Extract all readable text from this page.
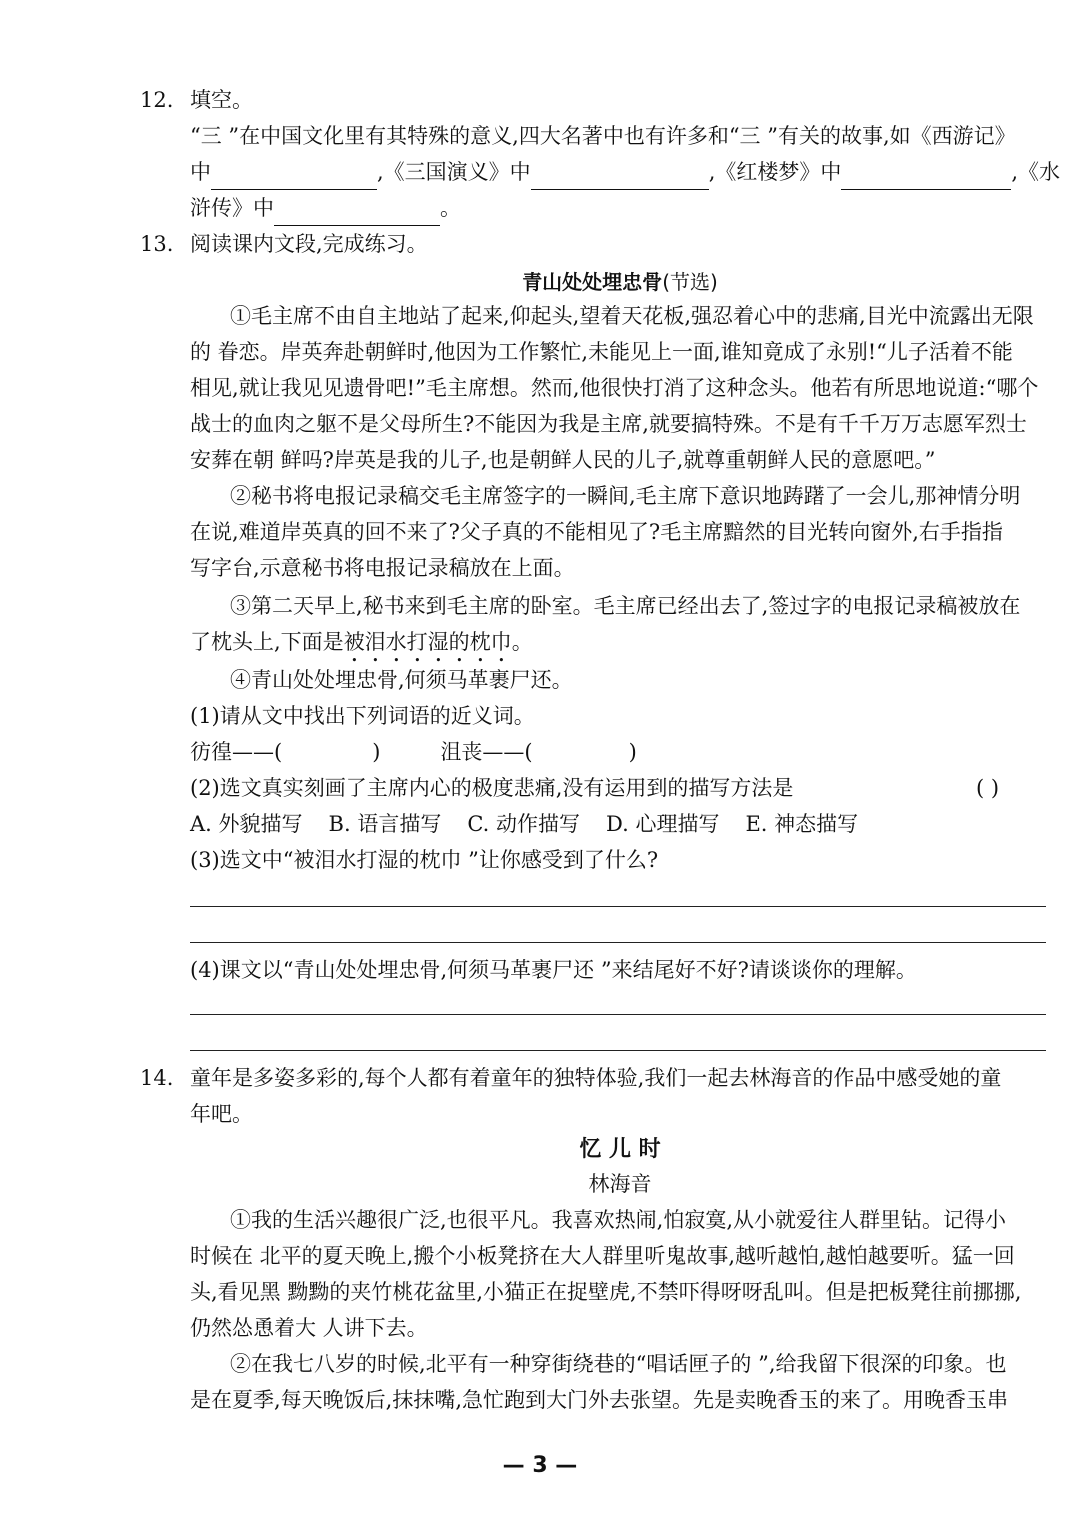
12. 填空。
“三 ”在中国文化里有其特殊的意义,四大名著中也有许多和“三 ”有关的故事,如《西游记》
中	,《三国演义》中	,《红楼梦》中	,《水
浒传》中	。
13. 阅读课内文段,完成练习。
青山处处埋忠骨(节选)
①毛主席不由自主地站了起来,仰起头,望着天花板,强忍着心中的悲痛,目光中流露出无限
的 眷恋。岸英奔赴朝鲜时,他因为工作繁忙,未能见上一面,谁知竟成了永别!“儿子活着不能
相见,就让我见见遗骨吧!”毛主席想。然而,他很快打消了这种念头。他若有所思地说道:“哪个
战士的血肉之躯不是父母所生?不能因为我是主席,就要搞特殊。不是有千千万万志愿军烈士
安葬在朝 鲜吗?岸英是我的儿子,也是朝鲜人民的儿子,就尊重朝鲜人民的意愿吧。”
②秘书将电报记录稿交毛主席签字的一瞬间,毛主席下意识地踌躇了一会儿,那神情分明
在说,难道岸英真的回不来了?父子真的不能相见了?毛主席黯然的目光转向窗外,右手指指
写字台,示意秘书将电报记录稿放在上面。
③第二天早上,秘书来到毛主席的卧室。毛主席已经出去了,签过字的电报记录稿被放在
了枕头上,下面是被泪水打湿的枕巾。
④青山处处埋忠骨,何须马革裹尸还。
(1)请从文中找出下列词语的近义词。
彷徨——(	)	沮丧——(	)
(2)选文真实刻画了主席内心的极度悲痛,没有运用到的描写方法是	( )
A. 外貌描写 B. 语言描写 C. 动作描写 D. 心理描写 E. 神态描写
(3)选文中“被泪水打湿的枕巾 ”让你感受到了什么?
(4)课文以“青山处处埋忠骨,何须马革裹尸还 ”来结尾好不好?请谈谈你的理解。
14. 童年是多姿多彩的,每个人都有着童年的独特体验,我们一起去林海音的作品中感受她的童
年吧。
忆 儿 时
林海音
①我的生活兴趣很广泛,也很平凡。我喜欢热闹,怕寂寞,从小就爱往人群里钻。记得小
时候在 北平的夏天晚上,搬个小板凳挤在大人群里听鬼故事,越听越怕,越怕越要听。猛一回
头,看见黑 黝黝的夹竹桃花盆里,小猫正在捉壁虎,不禁吓得呀呀乱叫。但是把板凳往前挪挪,
仍然怂恿着大 人讲下去。
②在我七八岁的时候,北平有一种穿街绕巷的“唱话匣子的 ”,给我留下很深的印象。也
是在夏季,每天晚饭后,抹抹嘴,急忙跑到大门外去张望。先是卖晚香玉的来了。用晚香玉串
— 3 —
